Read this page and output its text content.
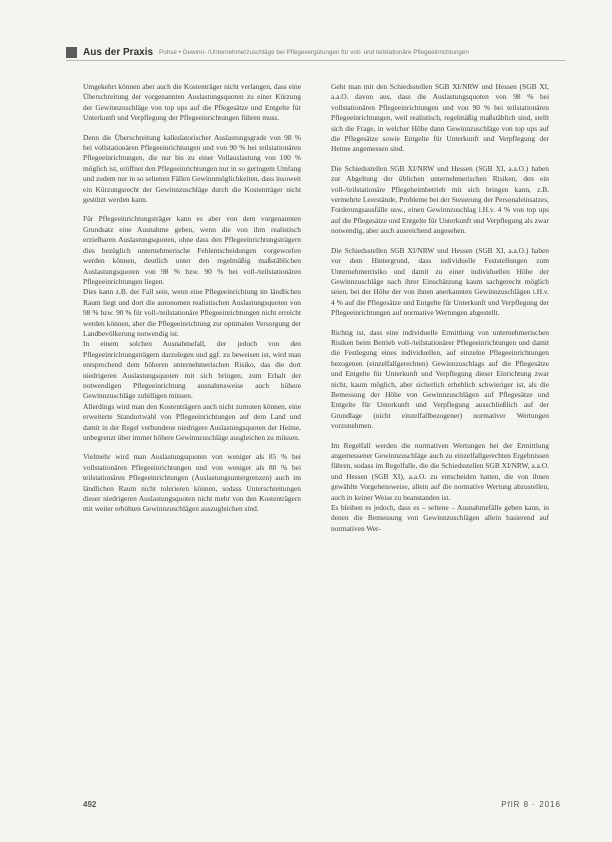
Aus der Praxis Pohse • Gewinn- /Unternehmerzuschläge bei Pflegevergütungen für voll- und teilstationäre Pflegeeinrichtungen

Umgekehrt können aber auch die Kostenträger nicht verlangen, dass eine Überschreitung der vorgenannten Auslastungsquoten zu einer Kürzung der Gewinnzuschläge von top ups auf die Pflegesätze und Entgelte für Unterkunft und Verpflegung der Pflegeeinrichtungen führen muss.

Denn die Überschreitung kalkulatorischer Auslastungsgrade von 98 % bei vollstationären Pflegeeinrichtungen und von 90 % bei teilstationären Pflegeeinrichtungen, die nur bis zu einer Vollauslastung von 100 % möglich ist, eröffnet den Pflegeeinrichtungen nur in so geringem Umfang und zudem nur in so seltenen Fällen Gewinnmöglichkeiten, dass insoweit ein Kürzungsrecht der Gewinnzuschläge durch die Kostenträger nicht gestützt werden kann.

Für Pflegeeinrichtungsträger kann es aber von dem vorgenannten Grundsatz eine Ausnahme geben, wenn die von ihm realistisch erzielbaren Auslastungsquoten, ohne dass den Pflegeeinrichtungsträgern dies bezüglich unternehmerische Fehlentscheidungen vorgeworfen werden können, deutlich unter den regelmäßig maßstäblichen Auslastungsquoten von 98 % bzw. 90 % bei voll-/teilstationären Pflegeeinrichtungen liegen.

Dies kann z.B. der Fall sein, wenn eine Pflegeeinrichtung im ländlichen Raum liegt und dort die autonomen realistischen Auslastungsquoten von 98 % bzw. 90 % für voll-/teilstationäre Pflegeeinrichtungen nicht erreicht werden können, aber die Pflegeeinrichtung zur optimalen Versorgung der Landbevölkerung notwendig ist.

In einem solchen Ausnahmefall, der jedoch von den Pflegeeinrichtungsträgern darzulegen und ggf. zu beweisen ist, wird man entsprechend dem höheren unternehmerischen Risiko, das die dort niedrigeren Auslastungsquoten mit sich bringen, zum Erhalt der notwendigen Pflegeeinrichtung ausnahmsweise auch höhere Gewinnzuschläge zubilligen müssen.

Allerdings wird man den Kostenträgern auch nicht zumuten können, eine erweiterte Standortwahl von Pflegeeinrichtungen auf dem Land und damit in der Regel verbundene niedrigere Auslastungsquoten der Heime, unbegrenzt über immer höhere Gewinnzuschläge ausgleichen zu müssen.

Vielmehr wird man Auslastungsquoten von weniger als 85 % bei vollstationären Pflegeeinrichtungen und von weniger als 80 % bei teilstationären Pflegeeinrichtungen (Auslastungsuntergrenzen) auch im ländlichen Raum nicht tolerieren können, sodass Unterschreitungen dieser niedrigeren Auslastungsquoten nicht mehr von den Kostenträgern mit weiter erhöhten Gewinnzuschlägen auszugleichen sind.

Geht man mit den Schiedsstellen SGB XI/NRW und Hessen (SGB XI, a.a.O. davon aus, dass die Auslastungsquoten von 98 % bei vollstationären Pflegeeinrichtungen und von 90 % bei teilstationären Pflegeeinrichtungen, weil realistisch, regelmäßig maßstäblich sind, stellt sich die Frage, in welcher Höhe dann Gewinnzuschläge von top ups auf die Pflegesätze sowie Entgelte für Unterkunft und Verpflegung der Heime angemessen sind.

Die Schiedsstellen SGB XI/NRW und Hessen (SGB XI, a.a.O.) haben zur Abgeltung der üblichen unternehmerischen Risiken, den ein voll-/teilstationäre Pflegeheimbetrieb mit sich bringen kann, z.B. vermehrte Leerstände, Probleme bei der Steuerung der Personaleinsatzes, Forderungsausfälle usw., einen Gewinnzuschlag i.H.v. 4 % von top ups auf die Pflegesätze und Entgelte für Unterkunft und Verpflegung als zwar notwendig, aber auch ausreichend angesehen.

Die Schiedsstellen SGB XI/NRW und Hessen (SGB XI, a.a.O.) haben vor dem Hintergrund, dass individuelle Feststellungen zum Unternehmerrisiko und damit zu einer individuellen Höhe der Gewinnzuschläge nach ihrer Einschätzung kaum sachgerecht möglich seien, bei der Höhe der von ihnen anerkannten Gewinnzuschlägen i.H.v. 4 % auf die Pflegesätze und Entgelte für Unterkunft und Verpflegung der Pflegeeinrichtungen auf normative Wertungen abgestellt.

Richtig ist, dass eine individuelle Ermittlung von unternehmerischen Risiken beim Betrieb voll-/teilstationärer Pflegeeinrichtungen und damit die Festlegung eines individuellen, auf einzelne Pflegeeinrichtungen bezogenen (einzelfallgerechten) Gewinnzuschlags auf die Pflegesätze und Entgelte für Unterkunft und Verpflegung dieser Einrichtung zwar nicht, kaum möglich, aber sicherlich erheblich schwieriger ist, als die Bemessung der Höhe von Gewinnzuschlägen auf Pflegesätze und Entgelte für Unterkunft und Verpflegung ausschließlich auf der Grundlage (nicht einzelfallbezogener) normativer Wertungen vorzunehmen.

Im Regelfall werden die normativen Wertungen bei der Ermittlung angemessener Gewinnzuschläge auch zu einzelfallgerechten Ergebnissen führen, sodass im Regelfalle, die die Schiedsstellen SGB XI/NRW, a.a.O. und Hessen (SGB XI), a.a.O. zu entscheiden hatten, die von ihnen gewählte Vorgehensweise, allein auf die normative Wertung abzustellen, auch in keiner Weise zu beanstanden ist.

Es bleiben es jedoch, dass es – seltene – Ausnahmefälle geben kann, in denen die Bemessung von Gewinnzuschlägen allein basierend auf normativen Wer-

492	PflR 8 · 2016
